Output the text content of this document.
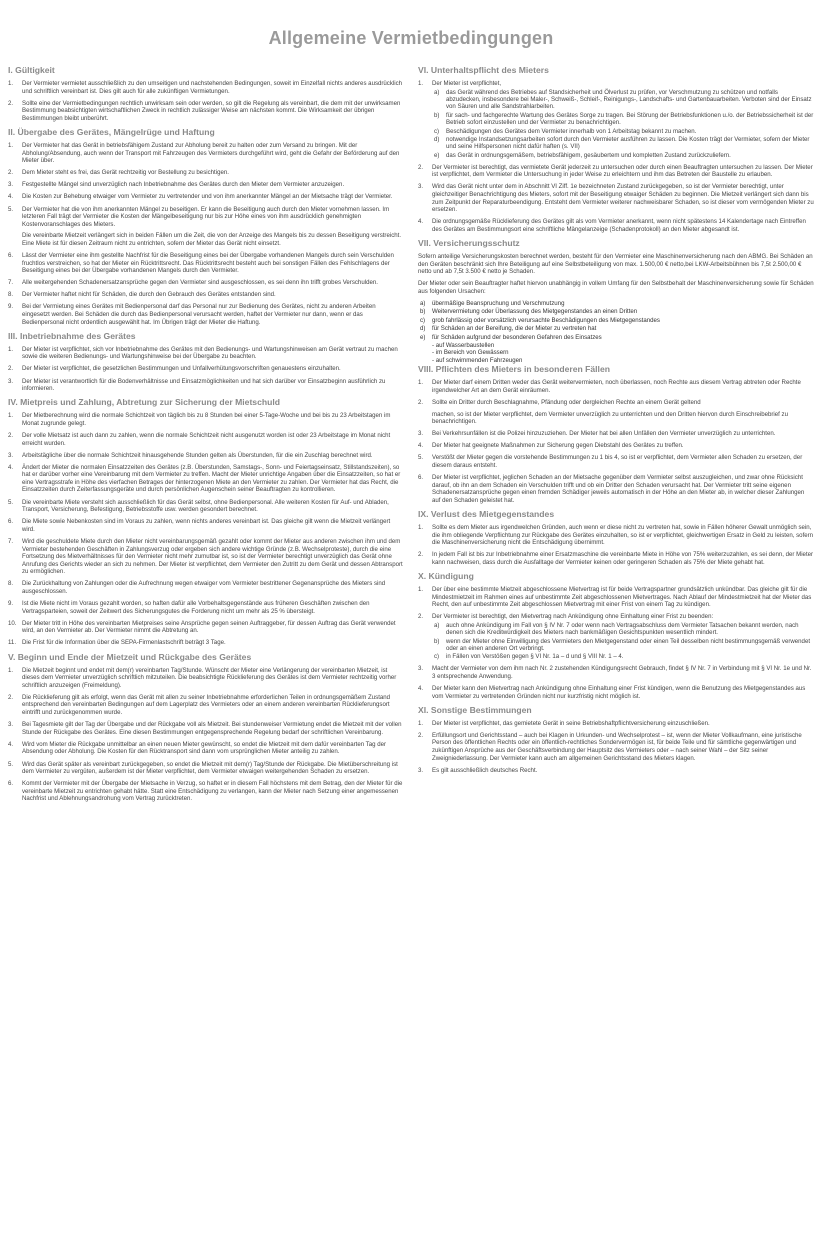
Allgemeine Vermietbedingungen
I. Gültigkeit
1. Der Vermieter vermietet ausschließlich zu den umseitigen und nachstehenden Bedingungen, soweit im Einzelfall nichts anderes ausdrücklich und schriftlich vereinbart ist. Dies gilt auch für alle zukünftigen Vermietungen.
2. Sollte eine der Vermietbedingungen rechtlich unwirksam sein oder werden, so gilt die Regelung als vereinbart, die dem mit der unwirksamen Bestimmung beabsichtigten wirtschaftlichen Zweck in rechtlich zulässiger Weise am nächsten kommt. Die Wirksamkeit der übrigen Bestimmungen bleibt unberührt.
II. Übergabe des Gerätes, Mängelrüge und Haftung
1. Der Vermieter hat das Gerät in betriebsfähigem Zustand zur Abholung bereit zu halten oder zum Versand zu bringen. Mit der Abholung/Absendung, auch wenn der Transport mit Fahrzeugen des Vermieters durchgeführt wird, geht die Gefahr der Beförderung auf den Mieter über.
2. Dem Mieter steht es frei, das Gerät rechtzeitig vor Bestellung zu besichtigen.
3. Festgestellte Mängel sind unverzüglich nach Inbetriebnahme des Gerätes durch den Mieter dem Vermieter anzuzeigen.
4. Die Kosten zur Behebung etwaiger vom Vermieter zu vertretender und von ihm anerkannter Mängel an der Mietsache trägt der Vermieter.
5. Der Vermieter hat die von ihm anerkannten Mängel zu beseitigen. Er kann die Beseitigung auch durch den Mieter vornehmen lassen. Im letzteren Fall trägt der Vermieter die Kosten der Mängelbeseitigung nur bis zur Höhe eines von ihm ausdrücklich genehmigten Kostenvoranschlages des Mieters.
Die vereinbarte Mietzeit verlängert sich in beiden Fällen um die Zeit, die von der Anzeige des Mangels bis zu dessen Beseitigung verstreicht. Eine Miete ist für diesen Zeitraum nicht zu entrichten, sofern der Mieter das Gerät nicht einsetzt.
6. Lässt der Vermieter eine ihm gestellte Nachfrist für die Beseitigung eines bei der Übergabe vorhandenen Mangels durch sein Verschulden fruchtlos verstreichen, so hat der Mieter ein Rücktrittsrecht. Das Rücktrittsrecht besteht auch bei sonstigen Fällen des Fehlschlagens der Beseitigung eines bei der Übergabe vorhandenen Mangels durch den Vermieter.
7. Alle weitergehenden Schadenersatzansprüche gegen den Vermieter sind ausgeschlossen, es sei denn ihn trifft grobes Verschulden.
8. Der Vermieter haftet nicht für Schäden, die durch den Gebrauch des Gerätes entstanden sind.
9. Bei der Vermietung eines Gerätes mit Bedienpersonal darf das Personal nur zur Bedienung des Gerätes, nicht zu anderen Arbeiten eingesetzt werden. Bei Schäden die durch das Bedienpersonal verursacht werden, haftet der Vermieter nur dann, wenn er das Bedienpersonal nicht ordentlich ausgewählt hat. Im Übrigen trägt der Mieter die Haftung.
III. Inbetriebnahme des Gerätes
1. Der Mieter ist verpflichtet, sich vor Inbetriebnahme des Gerätes mit den Bedienungs- und Wartungshinweisen am Gerät vertraut zu machen sowie die weiteren Bedienungs- und Wartungshinweise bei der Übergabe zu beachten.
2. Der Mieter ist verpflichtet, die gesetzlichen Bestimmungen und Unfallverhütungsvorschriften genauestens einzuhalten.
3. Der Mieter ist verantwortlich für die Bodenverhältnisse und Einsatzmöglichkeiten und hat sich darüber vor Einsatzbeginn ausführlich zu informieren.
IV. Mietpreis und Zahlung, Abtretung zur Sicherung der Mietschuld
1. Der Mietberechnung wird die normale Schichtzeit von täglich bis zu 8 Stunden bei einer 5-Tage-Woche und bei bis zu 23 Arbeitstagen im Monat zugrunde gelegt.
2. Der volle Mietsatz ist auch dann zu zahlen, wenn die normale Schichtzeit nicht ausgenutzt worden ist oder 23 Arbeitstage im Monat nicht erreicht wurden.
3. Arbeitstägliche über die normale Schichtzeit hinausgehende Stunden gelten als Überstunden, für die ein Zuschlag berechnet wird.
4. Ändert der Mieter die normalen Einsatzzeiten des Gerätes (z.B. Überstunden, Samstags-, Sonn- und Feiertagseinsatz, Stillstandszeiten), so hat er darüber vorher eine Vereinbarung mit dem Vermieter zu treffen. Macht der Mieter unrichtige Angaben über die Einsatzzeiten, so hat er eine Vertragsstrafe in Höhe des vierfachen Betrages der hinterzogenen Miete an den Vermieter zu zahlen. Der Vermieter hat das Recht, die Einsatzzeiten durch Zeiterfassungsgeräte und durch persönlichen Augenschein seiner Beauftragten zu kontrollieren.
5. Die vereinbarte Miete versteht sich ausschließlich für das Gerät selbst, ohne Bedienpersonal. Alle weiteren Kosten für Auf- und Abladen, Transport, Versicherung, Befestigung, Betriebsstoffe usw. werden gesondert berechnet.
6. Die Miete sowie Nebenkosten sind im Voraus zu zahlen, wenn nichts anderes vereinbart ist. Das gleiche gilt wenn die Mietzeit verlängert wird.
7. Wird die geschuldete Miete durch den Mieter nicht vereinbarungsgemäß gezahlt oder kommt der Mieter aus anderen zwischen ihm und dem Vermieter bestehenden Geschäften in Zahlungsverzug oder ergeben sich andere wichtige Gründe (z.B. Wechselproteste), durch die eine Fortsetzung des Mietverhältnisses für den Vermieter nicht mehr zumutbar ist, so ist der Vermieter berechtigt unverzüglich das Gerät ohne Anrufung des Gerichts wieder an sich zu nehmen. Der Mieter ist verpflichtet, dem Vermieter den Zutritt zu dem Gerät und dessen Abtransport zu ermöglichen.
8. Die Zurückhaltung von Zahlungen oder die Aufrechnung wegen etwaiger vom Vermieter bestrittener Gegenansprüche des Mieters sind ausgeschlossen.
9. Ist die Miete nicht im Voraus gezahlt worden, so haften dafür alle Vorbehaltsgegenstände aus früheren Geschäften zwischen den Vertragsparteien, soweit der Zeitwert des Sicherungsgutes die Forderung nicht um mehr als 25 % übersteigt.
10. Der Mieter tritt in Höhe des vereinbarten Mietpreises seine Ansprüche gegen seinen Auftraggeber, für dessen Auftrag das Gerät verwendet wird, an den Vermieter ab. Der Vermieter nimmt die Abtretung an.
11. Die Frist für die Information über die SEPA-Firmenlastschrift beträgt 3 Tage.
V. Beginn und Ende der Mietzeit und Rückgabe des Gerätes
1. Die Mietzeit beginnt und endet mit dem(r) vereinbarten Tag/Stunde. Wünscht der Mieter eine Verlängerung der vereinbarten Mietzeit, ist dieses dem Vermieter unverzüglich schriftlich mitzuteilen. Die beabsichtigte Rücklieferung des Gerätes ist dem Vermieter rechtzeitig vorher schriftlich anzuzeigen (Freimeldung).
2. Die Rücklieferung gilt als erfolgt, wenn das Gerät mit allen zu seiner Inbetriebnahme erforderlichen Teilen in ordnungsgemäßem Zustand entsprechend den vereinbarten Bedingungen auf dem Lagerplatz des Vermieters oder an einem anderen vereinbarten Rücklieferungsort eintrifft und zurückgenommen wurde.
3. Bei Tagesmiete gilt der Tag der Übergabe und der Rückgabe voll als Mietzeit. Bei stundenweiser Vermietung endet die Mietzeit mit der vollen Stunde der Rückgabe des Gerätes. Eine diesen Bestimmungen entgegensprechende Regelung bedarf der schriftlichen Vereinbarung.
4. Wird vom Mieter die Rückgabe unmittelbar an einen neuen Mieter gewünscht, so endet die Mietzeit mit dem dafür vereinbarten Tag der Absendung oder Abholung. Die Kosten für den Rücktransport sind dann vom ursprünglichen Mieter anteilig zu zahlen.
5. Wird das Gerät später als vereinbart zurückgegeben, so endet die Mietzeit mit dem(r) Tag/Stunde der Rückgabe. Die Mietüberschreitung ist dem Vermieter zu vergüten, außerdem ist der Mieter verpflichtet, dem Vermieter etwaigen weitergehenden Schaden zu ersetzen.
6. Kommt der Vermieter mit der Übergabe der Mietsache in Verzug, so haftet er in diesem Fall höchstens mit dem Betrag, den der Mieter für die vereinbarte Mietzeit zu entrichten gehabt hätte. Statt eine Entschädigung zu verlangen, kann der Mieter nach Setzung einer angemessenen Nachfrist und Ablehnungsandrohung vom Vertrag zurücktreten.
VI. Unterhaltspflicht des Mieters
1. Der Mieter ist verpflichtet,
a) das Gerät während des Betriebes auf Standsicherheit und Ölverlust zu prüfen, vor Verschmutzung zu schützen und notfalls abzudecken, insbesondere bei Maler-, Schweiß-, Schleif-, Reinigungs-, Landschafts- und Gartenbauarbeiten. Verboten sind der Einsatz von Säuren und alle Sandstrahlarbeiten.
b) für sach- und fachgerechte Wartung des Gerätes Sorge zu tragen. Bei Störung der Betriebsfunktionen u./o. der Betriebssicherheit ist der Betrieb sofort einzustellen und der Vermieter zu benachrichtigen.
c) Beschädigungen des Gerätes dem Vermieter innerhalb von 1 Arbeitstag bekannt zu machen.
d) notwendige Instandsetzungsarbeiten sofort durch den Vermieter ausführen zu lassen. Die Kosten trägt der Vermieter, sofern der Mieter und seine Hilfspersonen nicht dafür haften (s. VII)
e) das Gerät in ordnungsgemäßem, betriebsfähigem, gesäubertem und kompletten Zustand zurückzuliefern.
2. Der Vermieter ist berechtigt, das vermietete Gerät jederzeit zu untersuchen oder durch einen Beauftragten untersuchen zu lassen. Der Mieter ist verpflichtet, dem Vermieter die Untersuchung in jeder Weise zu erleichtern und ihm das Betreten der Baustelle zu erlauben.
3. Wird das Gerät nicht unter dem in Abschnitt VI Ziff. 1e bezeichneten Zustand zurückgegeben, so ist der Vermieter berechtigt, unter gleichzeitiger Benachrichtigung des Mieters, sofort mit der Beseitigung etwaiger Schäden zu beginnen. Die Mietzeit verlängert sich dann bis zum Zeitpunkt der Reparaturbeendigung. Entsteht dem Vermieter weiterer nachweisbarer Schaden, so ist dieser vom vermögenden Mieter zu ersetzen.
4. Die ordnungsgemäße Rücklieferung des Gerätes gilt als vom Vermieter anerkannt, wenn nicht spätestens 14 Kalendertage nach Eintreffen des Gerätes am Bestimmungsort eine schriftliche Mängelanzeige (Schadenprotokoll) an den Mieter abgesandt ist.
VII. Versicherungsschutz

Sofern anteilige Versicherungskosten berechnet werden, besteht für den Vermieter eine Maschinenversicherung nach den ABMG. Bei Schäden an den Geräten beschränkt sich Ihre Beteiligung auf eine Selbstbeteiligung von max. 1.500,00 € netto,bei LKW-Arbeitsbühnen bis 7,5t 2.500,00 € netto und ab 7,5t 3.500 € netto je Schaden.

Der Mieter oder sein Beauftragter haftet hiervon unabhängig in vollem Umfang für den Selbstbehalt der Maschinenversicherung sowie für Schäden aus folgenden Ursachen:

a) übermäßige Beanspruchung und Verschmutzung
b) Weitervermietung oder Überlassung des Mietgegenstandes an einen Dritten
c) grob fahrlässig oder vorsätzlich verursachte Beschädigungen des Mietgegenstandes
d) für Schäden an der Bereifung, die der Mieter zu vertreten hat
e) für Schäden aufgrund der besonderen Gefahren des Einsatzes
- auf Wasserbaustellen
- im Bereich von Gewässern
- auf schwimmenden Fahrzeugen
VIII. Pflichten des Mieters in besonderen Fällen
1. Der Mieter darf einem Dritten weder das Gerät weitervermieten, noch überlassen, noch Rechte aus diesem Vertrag abtreten oder Rechte irgendwelcher Art an dem Gerät einräumen.
2. Sollte ein Dritter durch Beschlagnahme, Pfändung oder dergleichen Rechte an einem Gerät geltend
machen, so ist der Mieter verpflichtet, dem Vermieter unverzüglich zu unterrichten und den Dritten hiervon durch Einschreibebrief zu benachrichtigen.
3. Bei Verkehrsunfällen ist die Polizei hinzuzuziehen. Der Mieter hat bei allen Unfällen den Vermieter unverzüglich zu unterrichten.
4. Der Mieter hat geeignete Maßnahmen zur Sicherung gegen Diebstahl des Gerätes zu treffen.
5. Verstößt der Mieter gegen die vorstehende Bestimmungen zu 1 bis 4, so ist er verpflichtet, dem Vermieter allen Schaden zu ersetzen, der diesem daraus entsteht.
6. Der Mieter ist verpflichtet, jeglichen Schaden an der Mietsache gegenüber dem Vermieter selbst auszugleichen, und zwar ohne Rücksicht darauf, ob ihn an dem Schaden ein Verschulden trifft und ob ein Dritter den Schaden verursacht hat. Der Vermieter tritt seine eigenen Schadenersatzansprüche gegen einen fremden Schädiger jeweils automatisch in der Höhe an den Mieter ab, in welcher dieser Zahlungen auf den Schaden geleistet hat.
IX. Verlust des Mietgegenstandes
1. Sollte es dem Mieter aus irgendwelchen Gründen, auch wenn er diese nicht zu vertreten hat, sowie in Fällen höherer Gewalt unmöglich sein, die ihm obliegende Verpflichtung zur Rückgabe des Gerätes einzuhalten, so ist er verpflichtet, gleichwertigen Ersatz in Geld zu leisten, sofern die Maschinenversicherung nicht die Entschädigung übernimmt.
2. In jedem Fall ist bis zur Inbetriebnahme einer Ersatzmaschine die vereinbarte Miete in Höhe von 75% weiterzuzahlen, es sei denn, der Mieter kann nachweisen, dass durch die Ausfalltage der Vermieter keinen oder geringeren Schaden als 75% der Miete gehabt hat.
X. Kündigung
1. Der über eine bestimmte Mietzeit abgeschlossene Mietvertrag ist für beide Vertragspartner grundsätzlich unkündbar. Das gleiche gilt für die Mindestmietzeit im Rahmen eines auf unbestimmte Zeit abgeschlossenen Mietvertrages. Nach Ablauf der Mindestmietzeit hat der Mieter das Recht, den auf unbestimmte Zeit abgeschlossen Mietvertrag mit einer Frist von einem Tag zu kündigen.
2. Der Vermieter ist berechtigt, den Mietvertrag nach Ankündigung ohne Einhaltung einer Frist zu beenden:
a) auch ohne Ankündigung im Fall von § IV Nr. 7 oder wenn nach Vertragsabschluss dem Vermieter Tatsachen bekannt werden, nach denen sich die Kreditwürdigkeit des Mieters nach bankmäßigen Gesichtspunkten wesentlich mindert.
b) wenn der Mieter ohne Einwilligung des Vermieters den Mietgegenstand oder einen Teil desselben nicht bestimmungsgemäß verwendet oder an einen anderen Ort verbringt.
c) in Fällen von Verstößen gegen § VI Nr. 1a – d und § VIII Nr. 1 – 4.
3. Macht der Vermieter von dem ihm nach Nr. 2 zustehenden Kündigungsrecht Gebrauch, findet § IV Nr. 7 in Verbindung mit § VI Nr. 1e und Nr. 3 entsprechende Anwendung.
4. Der Mieter kann den Mietvertrag nach Ankündigung ohne Einhaltung einer Frist kündigen, wenn die Benutzung des Mietgegenstandes aus vom Vermieter zu vertretenden Gründen nicht nur kurzfristig nicht möglich ist.
XI. Sonstige Bestimmungen
1. Der Mieter ist verpflichtet, das gemietete Gerät in seine Betriebshaftpflichtversicherung einzuschließen.
2. Erfüllungsort und Gerichtsstand – auch bei Klagen in Urkunden- und Wechselprotest – ist, wenn der Mieter Vollkaufmann, eine juristische Person des öffentlichen Rechts oder ein öffentlich-rechtliches Sondervermögen ist, für beide Teile und für sämtliche gegenwärtigen und zukünftigen Ansprüche aus der Geschäftsverbindung der Hauptsitz des Vermieters oder – nach seiner Wahl – der Sitz seiner Zweigniederlassung. Der Vermieter kann auch am allgemeinen Gerichtsstand des Mieters klagen.
3. Es gilt ausschließlich deutsches Recht.
